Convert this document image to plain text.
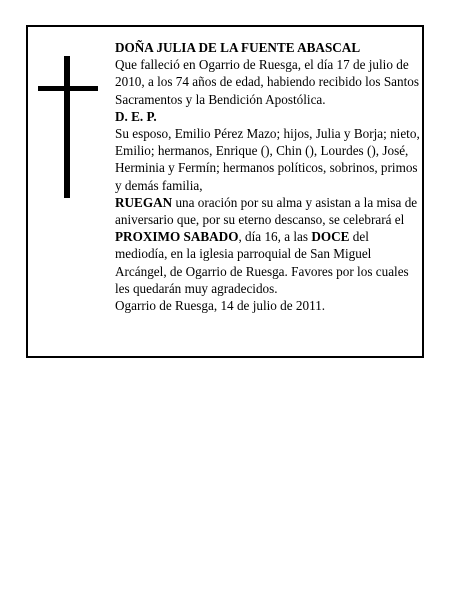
DOÑA JULIA DE LA FUENTE ABASCAL

Que falleció en Ogarrio de Ruesga, el día 17 de julio de 2010, a los 74 años de edad, habiendo recibido los Santos Sacramentos y la Bendición Apostólica.

D. E. P.

Su esposo, Emilio Pérez Mazo; hijos, Julia y Borja; nieto, Emilio; hermanos, Enrique (), Chin (), Lourdes (), José, Herminia y Fermín; hermanos políticos, sobrinos, primos y demás familia,

RUEGAN una oración por su alma y asistan a la misa de aniversario que, por su eterno descanso, se celebrará el PROXIMO SABADO, día 16, a las DOCE del mediodía, en la iglesia parroquial de San Miguel Arcángel, de Ogarrio de Ruesga. Favores por los cuales les quedarán muy agradecidos.

Ogarrio de Ruesga, 14 de julio de 2011.
